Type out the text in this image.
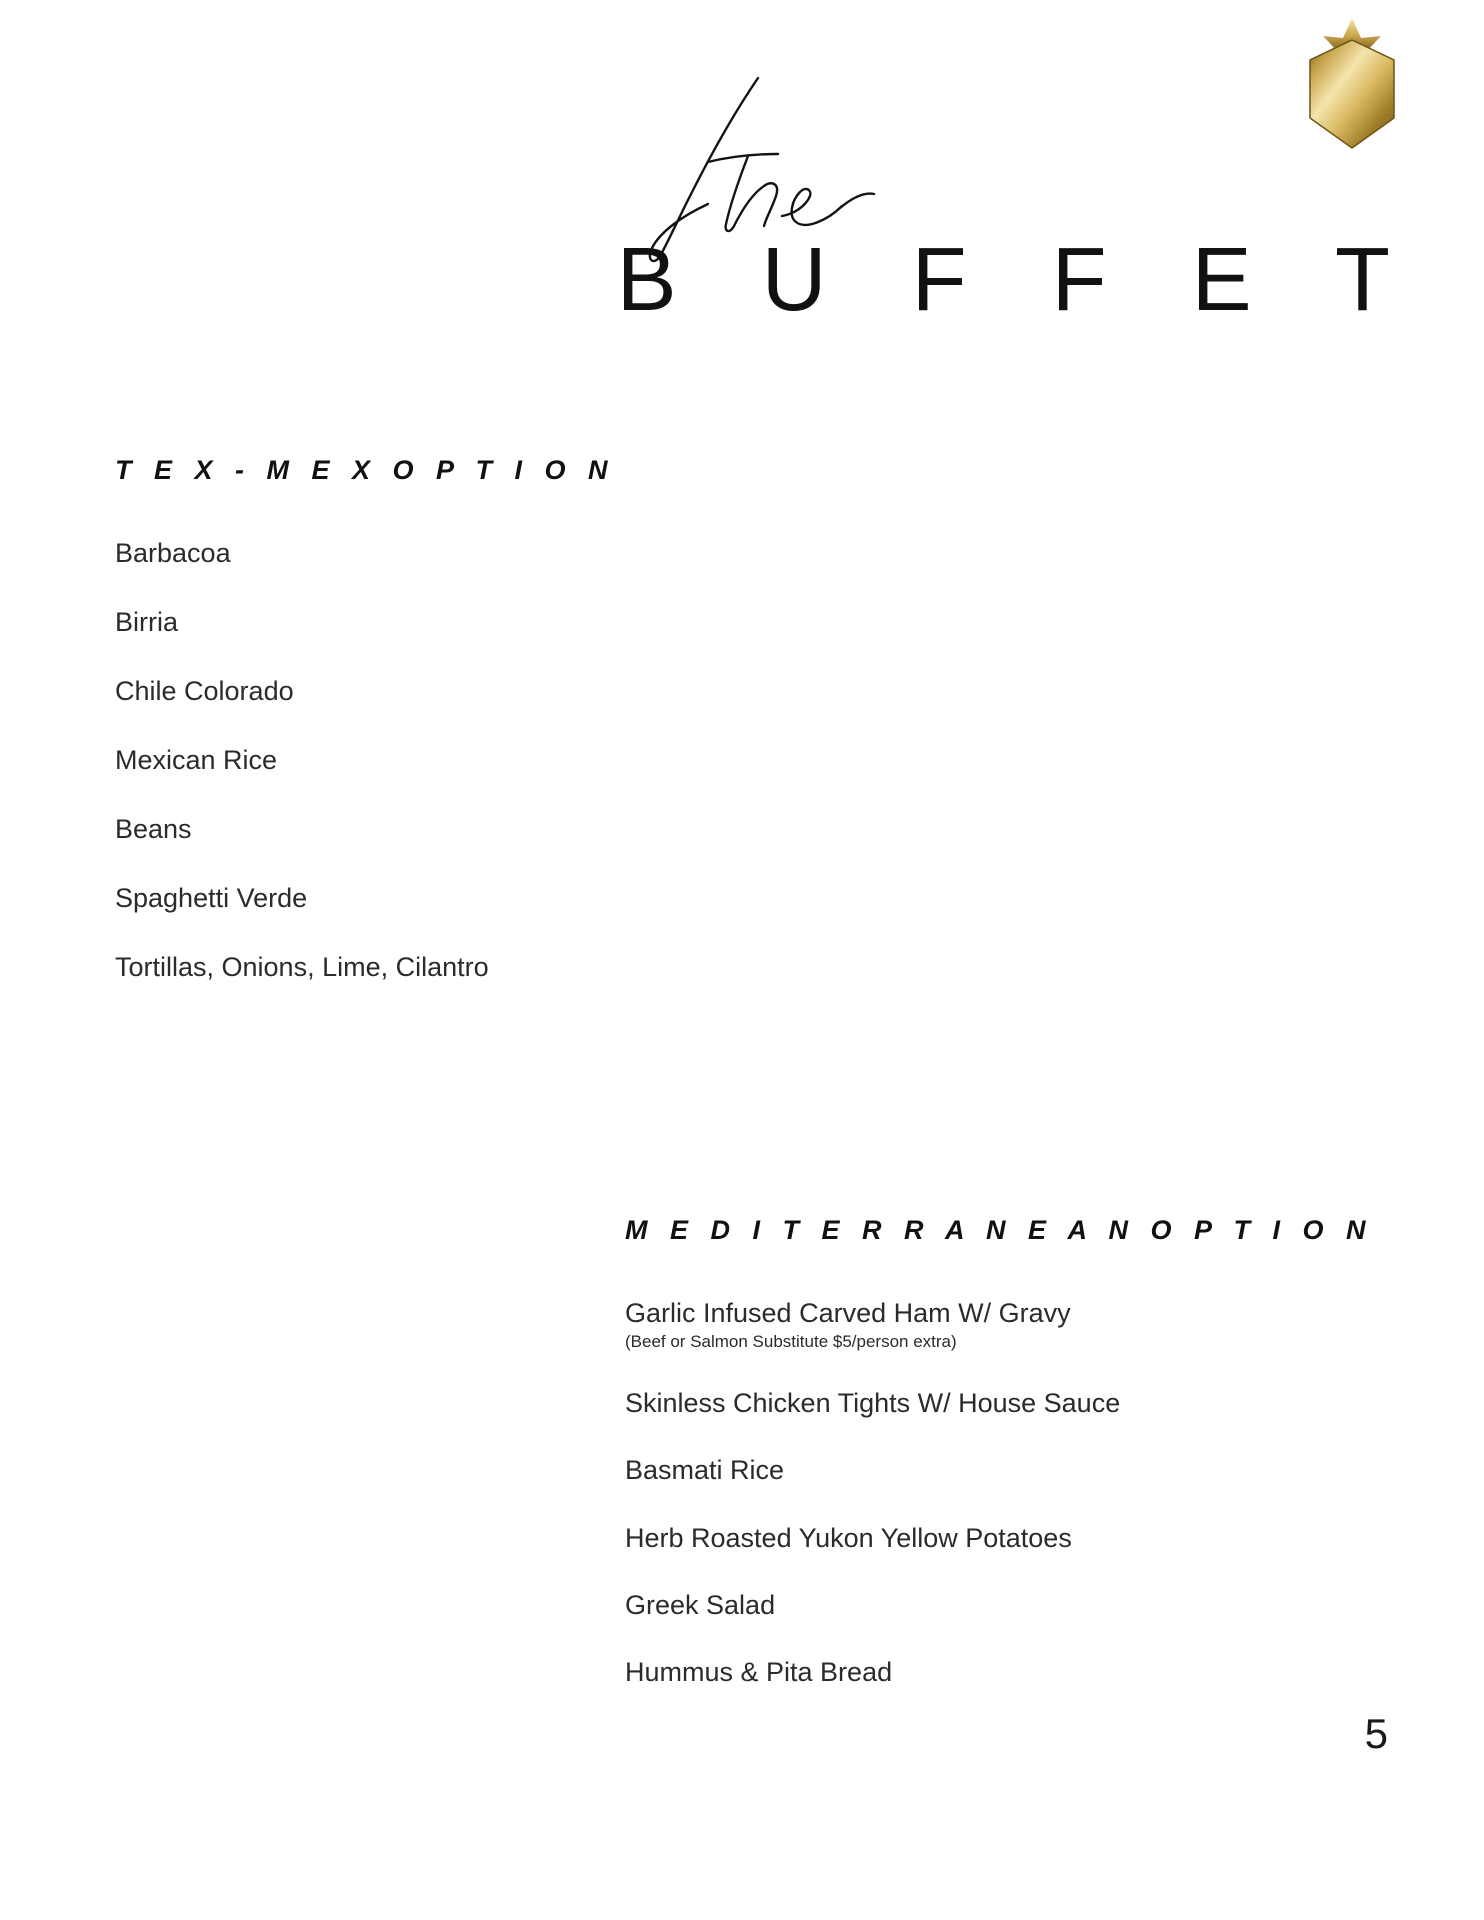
B U F F E T
T E X - M E X O P T I O N
Barbacoa
Birria
Chile Colorado
Mexican Rice
Beans
Spaghetti Verde
Tortillas, Onions, Lime, Cilantro
M E D I T E R R A N E A N O P T I O N
Garlic Infused Carved Ham W/ Gravy
(Beef or Salmon Substitute $5/person extra)
Skinless Chicken Tights W/ House Sauce
Basmati Rice
Herb Roasted Yukon Yellow Potatoes
Greek Salad
Hummus & Pita Bread
5
